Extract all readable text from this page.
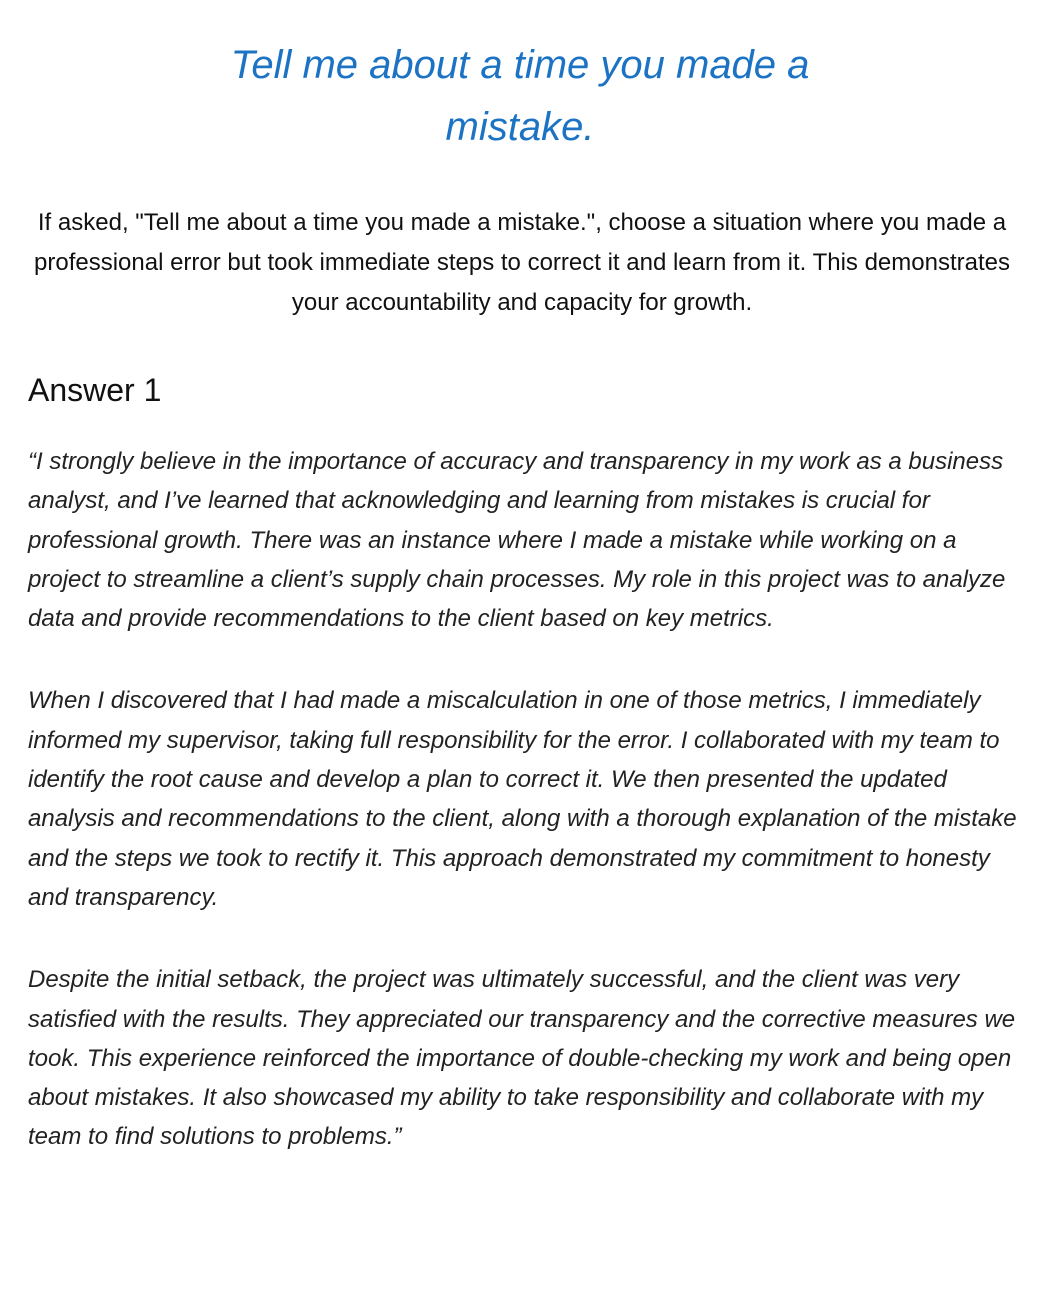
Tell me about a time you made a mistake.

If asked, "Tell me about a time you made a mistake.", choose a situation where you made a professional error but took immediate steps to correct it and learn from it. This demonstrates your accountability and capacity for growth.

Answer 1

“I strongly believe in the importance of accuracy and transparency in my work as a business analyst, and I’ve learned that acknowledging and learning from mistakes is crucial for professional growth. There was an instance where I made a mistake while working on a project to streamline a client’s supply chain processes. My role in this project was to analyze data and provide recommendations to the client based on key metrics.

When I discovered that I had made a miscalculation in one of those metrics, I immediately informed my supervisor, taking full responsibility for the error. I collaborated with my team to identify the root cause and develop a plan to correct it. We then presented the updated analysis and recommendations to the client, along with a thorough explanation of the mistake and the steps we took to rectify it. This approach demonstrated my commitment to honesty and transparency.

Despite the initial setback, the project was ultimately successful, and the client was very satisfied with the results. They appreciated our transparency and the corrective measures we took. This experience reinforced the importance of double-checking my work and being open about mistakes. It also showcased my ability to take responsibility and collaborate with my team to find solutions to problems.”
